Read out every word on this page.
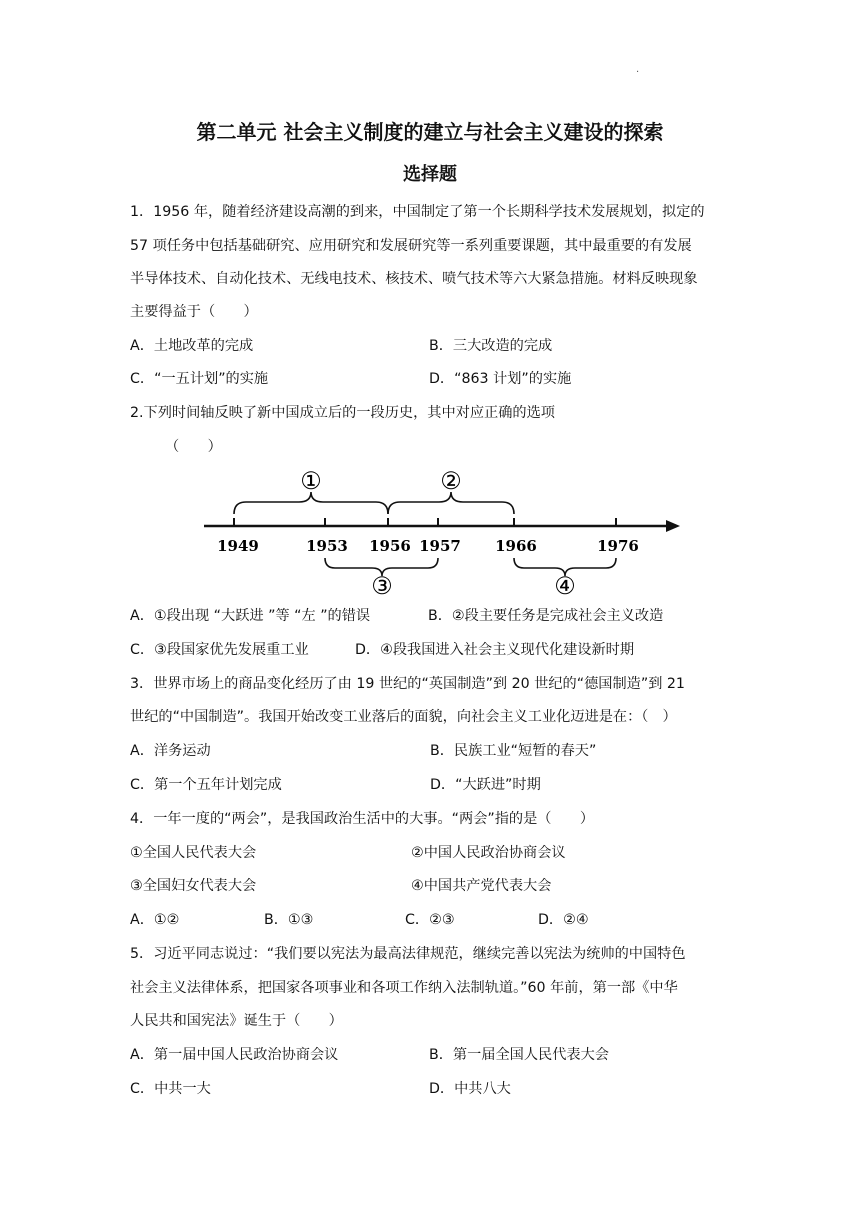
.
第二单元 社会主义制度的建立与社会主义建设的探索
选择题
1．1956 年，随着经济建设高潮的到来，中国制定了第一个长期科学技术发展规划，拟定的
57 项任务中包括基础研究、应用研究和发展研究等一系列重要课题，其中最重要的有发展
半导体技术、自动化技术、无线电技术、核技术、喷气技术等六大紧急措施。材料反映现象
主要得益于（　　）
A．土地改革的完成	B．三大改造的完成
C．“一五计划”的实施	D．“863 计划”的实施
2.下列时间轴反映了新中国成立后的一段历史，其中对应正确的选项
（　　）
①	②
③	④
1949	1953 1956 1957 1966	1976
A．①段出现 “大跃进 ”等 “左 ”的错误	B．②段主要任务是完成社会主义改造
C．③段国家优先发展重工业	D．④段我国进入社会主义现代化建设新时期
3．世界市场上的商品变化经历了由 19 世纪的“英国制造”到 20 世纪的“德国制造”到 21
世纪的“中国制造”。我国开始改变工业落后的面貌，向社会主义工业化迈进是在：（　）
A．洋务运动	B．民族工业“短暂的春天”
C．第一个五年计划完成	D．“大跃进”时期
4．一年一度的“两会”，是我国政治生活中的大事。“两会”指的是（　　）
①全国人民代表大会	②中国人民政治协商会议
③全国妇女代表大会	④中国共产党代表大会
A．①②	B．①③	C．②③	D．②④
5．习近平同志说过：“我们要以宪法为最高法律规范，继续完善以宪法为统帅的中国特色
社会主义法律体系，把国家各项事业和各项工作纳入法制轨道。”60 年前，第一部《中华
人民共和国宪法》诞生于（　　）
A．第一届中国人民政治协商会议	B．第一届全国人民代表大会
C．中共一大	D．中共八大
